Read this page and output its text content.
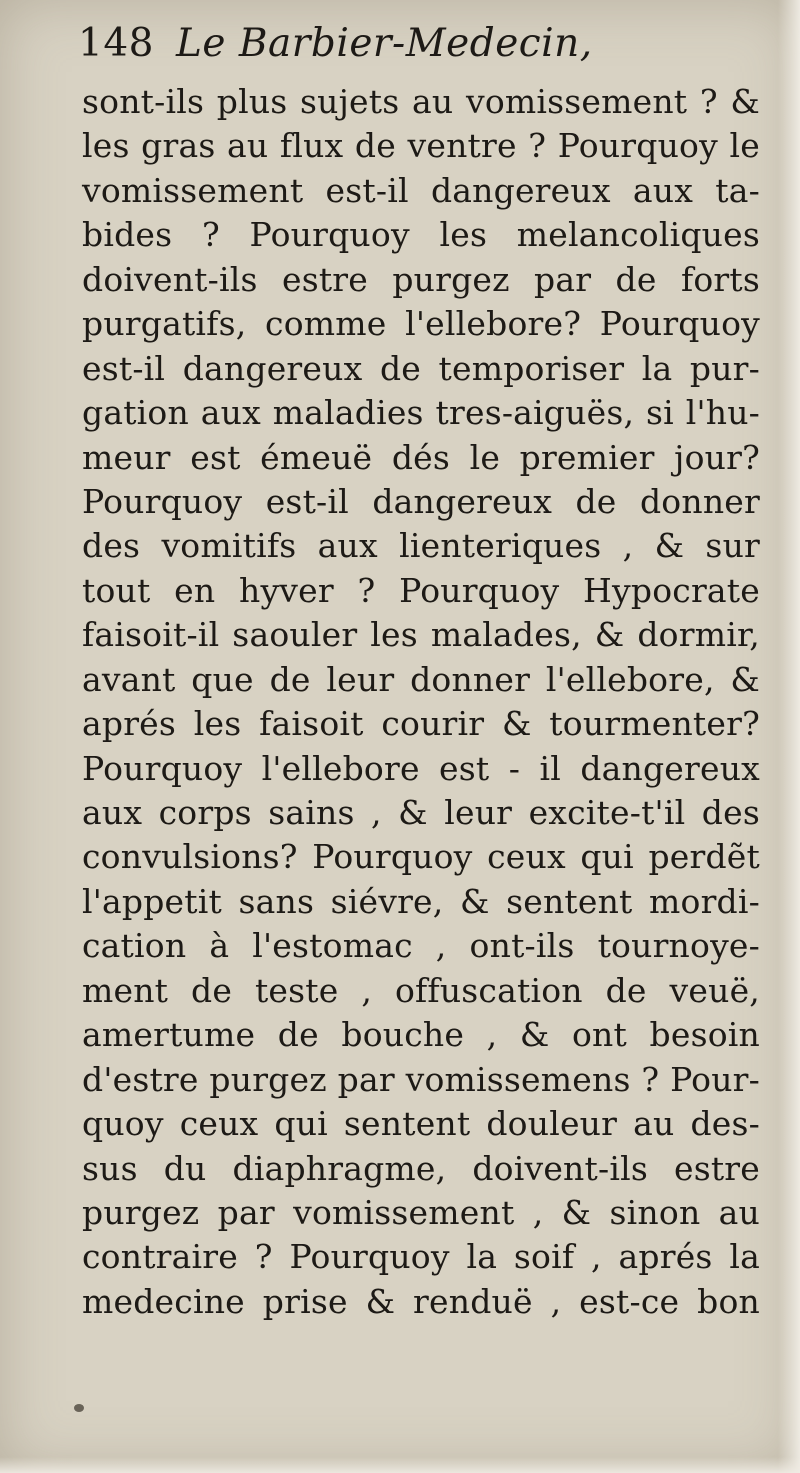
148 Le Barbier-Medecin,
sont-ils plus sujets au vomissement ? &
les gras au flux de ventre ? Pourquoy le
vomissement est-il dangereux aux ta-
bides ? Pourquoy les melancoliques
doivent-ils estre purgez par de forts
purgatifs, comme l'ellebore? Pourquoy
est-il dangereux de temporiser la pur-
gation aux maladies tres-aiguës, si l'hu-
meur est émeuë dés le premier jour?
Pourquoy est-il dangereux de donner
des vomitifs aux lienteriques , & sur
tout en hyver ? Pourquoy Hypocrate
faisoit-il saouler les malades, & dormir,
avant que de leur donner l'ellebore, &
aprés les faisoit courir & tourmenter?
Pourquoy l'ellebore est - il dangereux
aux corps sains , & leur excite-t'il des
convulsions? Pourquoy ceux qui perdẽt
l'appetit sans siévre, & sentent mordi-
cation à l'estomac , ont-ils tournoye-
ment de teste , offuscation de veuë,
amertume de bouche , & ont besoin
d'estre purgez par vomissemens ? Pour-
quoy ceux qui sentent douleur au des-
sus du diaphragme, doivent-ils estre
purgez par vomissement , & sinon au
contraire ? Pourquoy la soif , aprés la
medecine prise & renduë , est-ce bon
